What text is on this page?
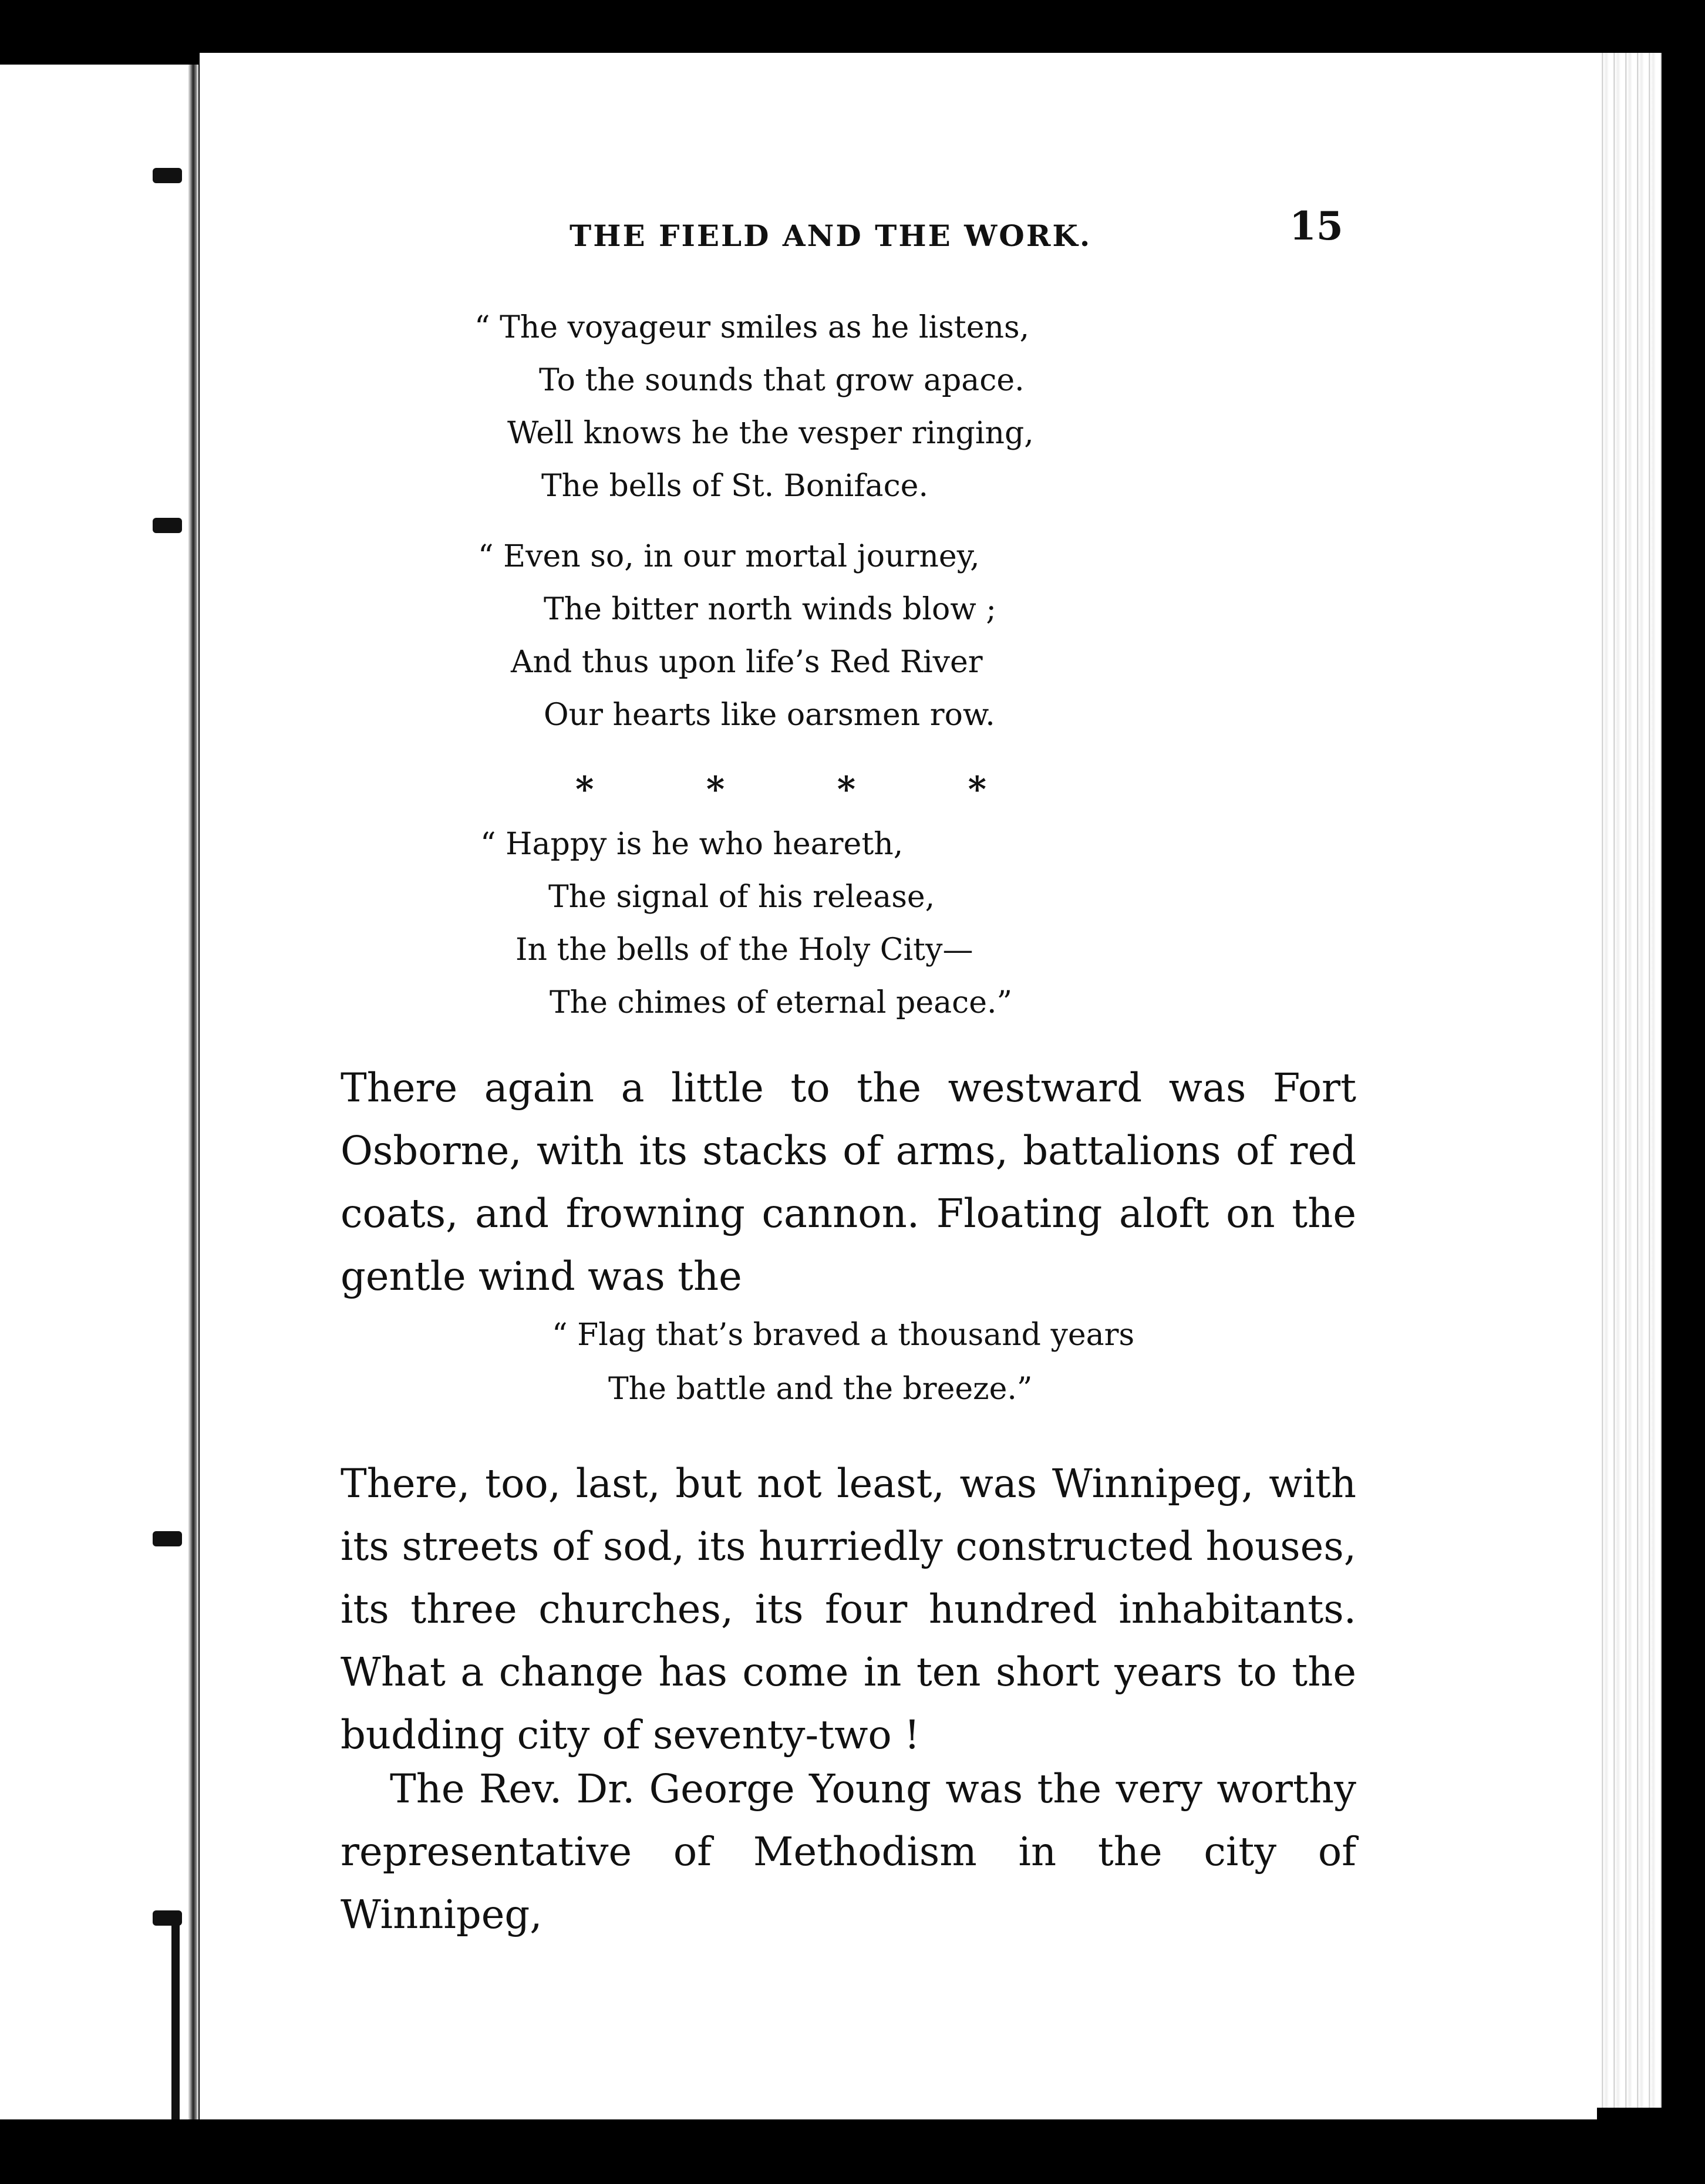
THE FIELD AND THE WORK.	15
“ The voyageur smiles as he listens,
To the sounds that grow apace.
Well knows he the vesper ringing,
The bells of St. Boniface.
“ Even so, in our mortal journey,
The bitter north winds blow ;
And thus upon life’s Red River
Our hearts like oarsmen row.
*	*	*	*
“ Happy is he who heareth,
The signal of his release,
In the bells of the Holy City—
The chimes of eternal peace.”
There again a little to the westward was Fort Osborne, with its stacks of arms, battalions of red coats, and frowning cannon. Floating aloft on the gentle wind was the
“ Flag that’s braved a thousand years
The battle and the breeze.”
There, too, last, but not least, was Winnipeg, with its streets of sod, its hurriedly constructed houses, its three churches, its four hundred inhabitants. What a change has come in ten short years to the budding city of seventy-two !
The Rev. Dr. George Young was the very worthy representative of Methodism in the city of Winnipeg,
